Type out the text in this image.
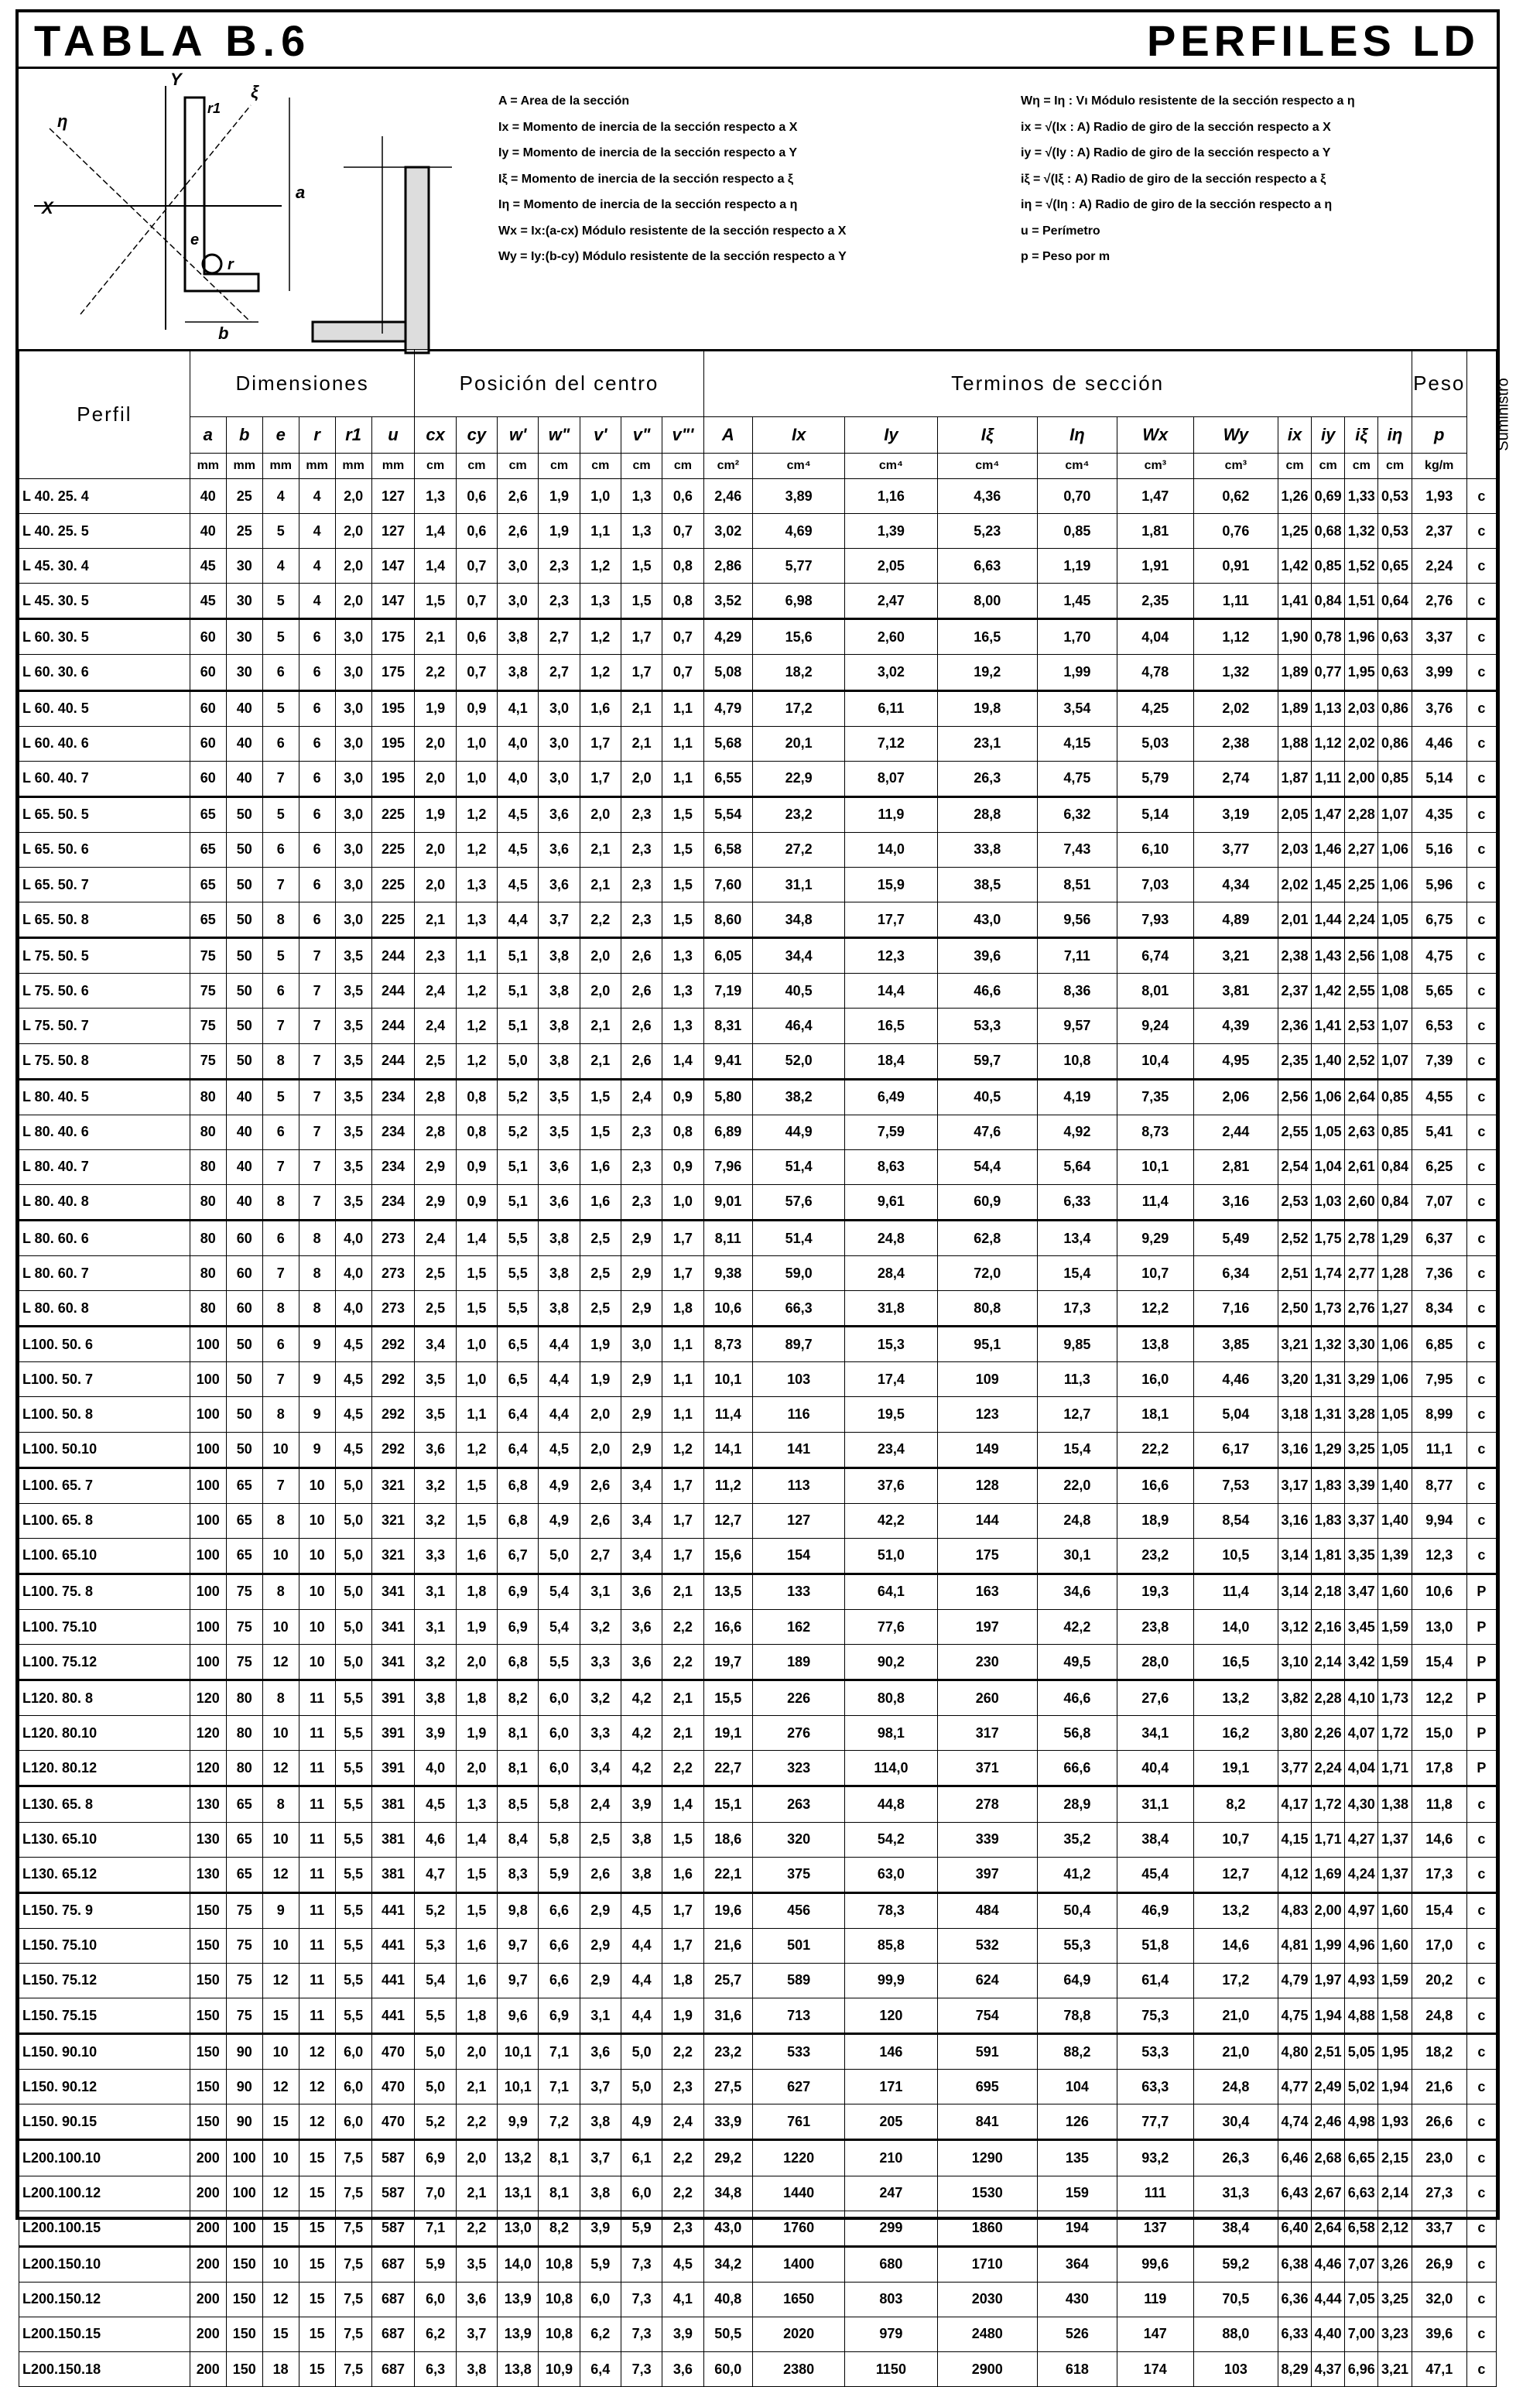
TABLA B.6	PERFILES LD
X
Y
b
a
e
r
r1
ξ
η
A = Area de la sección
Ix = Momento de inercia de la sección respecto a X
Iy = Momento de inercia de la sección respecto a Y
Iξ = Momento de inercia de la sección respecto a ξ
Iη = Momento de inercia de la sección respecto a η
Wx = Ix:(a-cx) Módulo resistente de la sección respecto a X
Wy = Iy:(b-cy) Módulo resistente de la sección respecto a Y
Wη = Iη : Vı Módulo resistente de la sección respecto a η
ix = √(Ix : A) Radio de giro de la sección respecto a X
iy = √(Iy : A) Radio de giro de la sección respecto a Y
iξ = √(Iξ : A) Radio de giro de la sección respecto a ξ
iη = √(Iη : A) Radio de giro de la sección respecto a η
u = Perímetro
p = Peso por m
Perfil	Dimensiones						Posición del centro							Terminos de sección											Peso	Suministro
	a	b	e	r	r1	u	cx	cy	w'	w"	v'	v"	v"'	A	Ix	Iy	Iξ	Iη	Wx	Wy	ix	iy	iξ	iη	p	
	mm	mm	mm	mm	mm	mm	cm	cm	cm	cm	cm	cm	cm	cm²	cm⁴	cm⁴	cm⁴	cm⁴	cm³	cm³	cm	cm	cm	cm	kg/m	
L 40. 25. 4	40	25	4	4	2,0	127	1,3	0,6	2,6	1,9	1,0	1,3	0,6	2,46	3,89	1,16	4,36	0,70	1,47	0,62	1,26	0,69	1,33	0,53	1,93	c
L 40. 25. 5	40	25	5	4	2,0	127	1,4	0,6	2,6	1,9	1,1	1,3	0,7	3,02	4,69	1,39	5,23	0,85	1,81	0,76	1,25	0,68	1,32	0,53	2,37	c
L 45. 30. 4	45	30	4	4	2,0	147	1,4	0,7	3,0	2,3	1,2	1,5	0,8	2,86	5,77	2,05	6,63	1,19	1,91	0,91	1,42	0,85	1,52	0,65	2,24	c
L 45. 30. 5	45	30	5	4	2,0	147	1,5	0,7	3,0	2,3	1,3	1,5	0,8	3,52	6,98	2,47	8,00	1,45	2,35	1,11	1,41	0,84	1,51	0,64	2,76	c
L 60. 30. 5	60	30	5	6	3,0	175	2,1	0,6	3,8	2,7	1,2	1,7	0,7	4,29	15,6	2,60	16,5	1,70	4,04	1,12	1,90	0,78	1,96	0,63	3,37	c
L 60. 30. 6	60	30	6	6	3,0	175	2,2	0,7	3,8	2,7	1,2	1,7	0,7	5,08	18,2	3,02	19,2	1,99	4,78	1,32	1,89	0,77	1,95	0,63	3,99	c
L 60. 40. 5	60	40	5	6	3,0	195	1,9	0,9	4,1	3,0	1,6	2,1	1,1	4,79	17,2	6,11	19,8	3,54	4,25	2,02	1,89	1,13	2,03	0,86	3,76	c
L 60. 40. 6	60	40	6	6	3,0	195	2,0	1,0	4,0	3,0	1,7	2,1	1,1	5,68	20,1	7,12	23,1	4,15	5,03	2,38	1,88	1,12	2,02	0,86	4,46	c
L 60. 40. 7	60	40	7	6	3,0	195	2,0	1,0	4,0	3,0	1,7	2,0	1,1	6,55	22,9	8,07	26,3	4,75	5,79	2,74	1,87	1,11	2,00	0,85	5,14	c
L 65. 50. 5	65	50	5	6	3,0	225	1,9	1,2	4,5	3,6	2,0	2,3	1,5	5,54	23,2	11,9	28,8	6,32	5,14	3,19	2,05	1,47	2,28	1,07	4,35	c
L 65. 50. 6	65	50	6	6	3,0	225	2,0	1,2	4,5	3,6	2,1	2,3	1,5	6,58	27,2	14,0	33,8	7,43	6,10	3,77	2,03	1,46	2,27	1,06	5,16	c
L 65. 50. 7	65	50	7	6	3,0	225	2,0	1,3	4,5	3,6	2,1	2,3	1,5	7,60	31,1	15,9	38,5	8,51	7,03	4,34	2,02	1,45	2,25	1,06	5,96	c
L 65. 50. 8	65	50	8	6	3,0	225	2,1	1,3	4,4	3,7	2,2	2,3	1,5	8,60	34,8	17,7	43,0	9,56	7,93	4,89	2,01	1,44	2,24	1,05	6,75	c
L 75. 50. 5	75	50	5	7	3,5	244	2,3	1,1	5,1	3,8	2,0	2,6	1,3	6,05	34,4	12,3	39,6	7,11	6,74	3,21	2,38	1,43	2,56	1,08	4,75	c
L 75. 50. 6	75	50	6	7	3,5	244	2,4	1,2	5,1	3,8	2,0	2,6	1,3	7,19	40,5	14,4	46,6	8,36	8,01	3,81	2,37	1,42	2,55	1,08	5,65	c
L 75. 50. 7	75	50	7	7	3,5	244	2,4	1,2	5,1	3,8	2,1	2,6	1,3	8,31	46,4	16,5	53,3	9,57	9,24	4,39	2,36	1,41	2,53	1,07	6,53	c
L 75. 50. 8	75	50	8	7	3,5	244	2,5	1,2	5,0	3,8	2,1	2,6	1,4	9,41	52,0	18,4	59,7	10,8	10,4	4,95	2,35	1,40	2,52	1,07	7,39	c
L 80. 40. 5	80	40	5	7	3,5	234	2,8	0,8	5,2	3,5	1,5	2,4	0,9	5,80	38,2	6,49	40,5	4,19	7,35	2,06	2,56	1,06	2,64	0,85	4,55	c
L 80. 40. 6	80	40	6	7	3,5	234	2,8	0,8	5,2	3,5	1,5	2,3	0,8	6,89	44,9	7,59	47,6	4,92	8,73	2,44	2,55	1,05	2,63	0,85	5,41	c
L 80. 40. 7	80	40	7	7	3,5	234	2,9	0,9	5,1	3,6	1,6	2,3	0,9	7,96	51,4	8,63	54,4	5,64	10,1	2,81	2,54	1,04	2,61	0,84	6,25	c
L 80. 40. 8	80	40	8	7	3,5	234	2,9	0,9	5,1	3,6	1,6	2,3	1,0	9,01	57,6	9,61	60,9	6,33	11,4	3,16	2,53	1,03	2,60	0,84	7,07	c
L 80. 60. 6	80	60	6	8	4,0	273	2,4	1,4	5,5	3,8	2,5	2,9	1,7	8,11	51,4	24,8	62,8	13,4	9,29	5,49	2,52	1,75	2,78	1,29	6,37	c
L 80. 60. 7	80	60	7	8	4,0	273	2,5	1,5	5,5	3,8	2,5	2,9	1,7	9,38	59,0	28,4	72,0	15,4	10,7	6,34	2,51	1,74	2,77	1,28	7,36	c
L 80. 60. 8	80	60	8	8	4,0	273	2,5	1,5	5,5	3,8	2,5	2,9	1,8	10,6	66,3	31,8	80,8	17,3	12,2	7,16	2,50	1,73	2,76	1,27	8,34	c
L100. 50. 6	100	50	6	9	4,5	292	3,4	1,0	6,5	4,4	1,9	3,0	1,1	8,73	89,7	15,3	95,1	9,85	13,8	3,85	3,21	1,32	3,30	1,06	6,85	c
L100. 50. 7	100	50	7	9	4,5	292	3,5	1,0	6,5	4,4	1,9	2,9	1,1	10,1	103	17,4	109	11,3	16,0	4,46	3,20	1,31	3,29	1,06	7,95	c
L100. 50. 8	100	50	8	9	4,5	292	3,5	1,1	6,4	4,4	2,0	2,9	1,1	11,4	116	19,5	123	12,7	18,1	5,04	3,18	1,31	3,28	1,05	8,99	c
L100. 50.10	100	50	10	9	4,5	292	3,6	1,2	6,4	4,5	2,0	2,9	1,2	14,1	141	23,4	149	15,4	22,2	6,17	3,16	1,29	3,25	1,05	11,1	c
L100. 65. 7	100	65	7	10	5,0	321	3,2	1,5	6,8	4,9	2,6	3,4	1,7	11,2	113	37,6	128	22,0	16,6	7,53	3,17	1,83	3,39	1,40	8,77	c
L100. 65. 8	100	65	8	10	5,0	321	3,2	1,5	6,8	4,9	2,6	3,4	1,7	12,7	127	42,2	144	24,8	18,9	8,54	3,16	1,83	3,37	1,40	9,94	c
L100. 65.10	100	65	10	10	5,0	321	3,3	1,6	6,7	5,0	2,7	3,4	1,7	15,6	154	51,0	175	30,1	23,2	10,5	3,14	1,81	3,35	1,39	12,3	c
L100. 75. 8	100	75	8	10	5,0	341	3,1	1,8	6,9	5,4	3,1	3,6	2,1	13,5	133	64,1	163	34,6	19,3	11,4	3,14	2,18	3,47	1,60	10,6	P
L100. 75.10	100	75	10	10	5,0	341	3,1	1,9	6,9	5,4	3,2	3,6	2,2	16,6	162	77,6	197	42,2	23,8	14,0	3,12	2,16	3,45	1,59	13,0	P
L100. 75.12	100	75	12	10	5,0	341	3,2	2,0	6,8	5,5	3,3	3,6	2,2	19,7	189	90,2	230	49,5	28,0	16,5	3,10	2,14	3,42	1,59	15,4	P
L120. 80. 8	120	80	8	11	5,5	391	3,8	1,8	8,2	6,0	3,2	4,2	2,1	15,5	226	80,8	260	46,6	27,6	13,2	3,82	2,28	4,10	1,73	12,2	P
L120. 80.10	120	80	10	11	5,5	391	3,9	1,9	8,1	6,0	3,3	4,2	2,1	19,1	276	98,1	317	56,8	34,1	16,2	3,80	2,26	4,07	1,72	15,0	P
L120. 80.12	120	80	12	11	5,5	391	4,0	2,0	8,1	6,0	3,4	4,2	2,2	22,7	323	114,0	371	66,6	40,4	19,1	3,77	2,24	4,04	1,71	17,8	P
L130. 65. 8	130	65	8	11	5,5	381	4,5	1,3	8,5	5,8	2,4	3,9	1,4	15,1	263	44,8	278	28,9	31,1	8,2	4,17	1,72	4,30	1,38	11,8	c
L130. 65.10	130	65	10	11	5,5	381	4,6	1,4	8,4	5,8	2,5	3,8	1,5	18,6	320	54,2	339	35,2	38,4	10,7	4,15	1,71	4,27	1,37	14,6	c
L130. 65.12	130	65	12	11	5,5	381	4,7	1,5	8,3	5,9	2,6	3,8	1,6	22,1	375	63,0	397	41,2	45,4	12,7	4,12	1,69	4,24	1,37	17,3	c
L150. 75. 9	150	75	9	11	5,5	441	5,2	1,5	9,8	6,6	2,9	4,5	1,7	19,6	456	78,3	484	50,4	46,9	13,2	4,83	2,00	4,97	1,60	15,4	c
L150. 75.10	150	75	10	11	5,5	441	5,3	1,6	9,7	6,6	2,9	4,4	1,7	21,6	501	85,8	532	55,3	51,8	14,6	4,81	1,99	4,96	1,60	17,0	c
L150. 75.12	150	75	12	11	5,5	441	5,4	1,6	9,7	6,6	2,9	4,4	1,8	25,7	589	99,9	624	64,9	61,4	17,2	4,79	1,97	4,93	1,59	20,2	c
L150. 75.15	150	75	15	11	5,5	441	5,5	1,8	9,6	6,9	3,1	4,4	1,9	31,6	713	120	754	78,8	75,3	21,0	4,75	1,94	4,88	1,58	24,8	c
L150. 90.10	150	90	10	12	6,0	470	5,0	2,0	10,1	7,1	3,6	5,0	2,2	23,2	533	146	591	88,2	53,3	21,0	4,80	2,51	5,05	1,95	18,2	c
L150. 90.12	150	90	12	12	6,0	470	5,0	2,1	10,1	7,1	3,7	5,0	2,3	27,5	627	171	695	104	63,3	24,8	4,77	2,49	5,02	1,94	21,6	c
L150. 90.15	150	90	15	12	6,0	470	5,2	2,2	9,9	7,2	3,8	4,9	2,4	33,9	761	205	841	126	77,7	30,4	4,74	2,46	4,98	1,93	26,6	c
L200.100.10	200	100	10	15	7,5	587	6,9	2,0	13,2	8,1	3,7	6,1	2,2	29,2	1220	210	1290	135	93,2	26,3	6,46	2,68	6,65	2,15	23,0	c
L200.100.12	200	100	12	15	7,5	587	7,0	2,1	13,1	8,1	3,8	6,0	2,2	34,8	1440	247	1530	159	111	31,3	6,43	2,67	6,63	2,14	27,3	c
L200.100.15	200	100	15	15	7,5	587	7,1	2,2	13,0	8,2	3,9	5,9	2,3	43,0	1760	299	1860	194	137	38,4	6,40	2,64	6,58	2,12	33,7	c
L200.150.10	200	150	10	15	7,5	687	5,9	3,5	14,0	10,8	5,9	7,3	4,5	34,2	1400	680	1710	364	99,6	59,2	6,38	4,46	7,07	3,26	26,9	c
L200.150.12	200	150	12	15	7,5	687	6,0	3,6	13,9	10,8	6,0	7,3	4,1	40,8	1650	803	2030	430	119	70,5	6,36	4,44	7,05	3,25	32,0	c
L200.150.15	200	150	15	15	7,5	687	6,2	3,7	13,9	10,8	6,2	7,3	3,9	50,5	2020	979	2480	526	147	88,0	6,33	4,40	7,00	3,23	39,6	c
L200.150.18	200	150	18	15	7,5	687	6,3	3,8	13,8	10,9	6,4	7,3	3,6	60,0	2380	1150	2900	618	174	103	8,29	4,37	6,96	3,21	47,1	c
